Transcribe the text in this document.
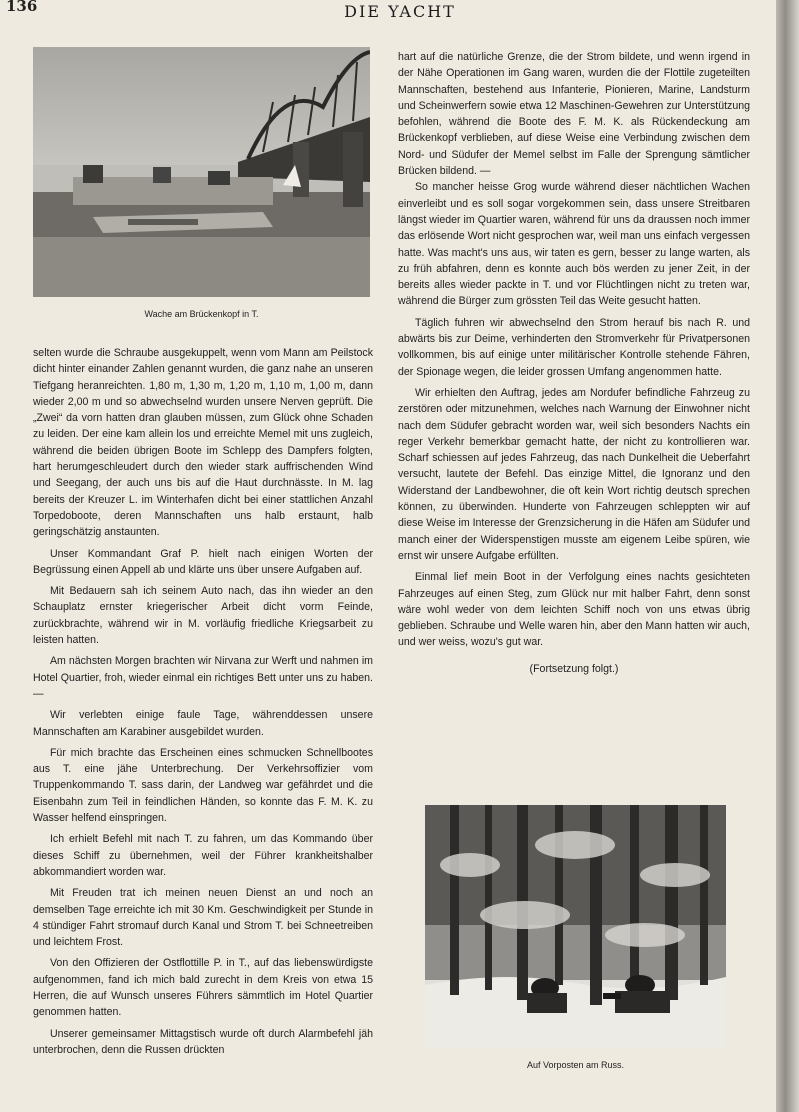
136	DIE YACHT
Wache am Brückenkopf in T.

selten wurde die Schraube ausgekuppelt, wenn vom Mann am Peilstock dicht hinter einander Zahlen genannt wurden, die ganz nahe an unseren Tiefgang heranreichten. 1,80 m, 1,30 m, 1,20 m, 1,10 m, 1,00 m, dann wieder 2,00 m und so abwechselnd wurden unsere Nerven geprüft. Die „Zwei“ da vorn hatten dran glauben müssen, zum Glück ohne Schaden zu leiden. Der eine kam allein los und erreichte Memel mit uns zugleich, während die beiden übrigen Boote im Schlepp des Dampfers folgten, hart herumgeschleudert durch den wieder stark auffrischenden Wind und Seegang, der auch uns bis auf die Haut durchnässte. In M. lag bereits der Kreuzer L. im Winterhafen dicht bei einer stattlichen Anzahl Torpedoboote, deren Mannschaften uns halb erstaunt, halb geringschätzig anstaunten.

Unser Kommandant Graf P. hielt nach einigen Worten der Begrüssung einen Appell ab und klärte uns über unsere Aufgaben auf.

Mit Bedauern sah ich seinem Auto nach, das ihn wieder an den Schauplatz ernster kriegerischer Arbeit dicht vorm Feinde, zurückbrachte, während wir in M. vorläufig friedliche Kriegsarbeit zu leisten hatten.

Am nächsten Morgen brachten wir Nirvana zur Werft und nahmen im Hotel Quartier, froh, wieder einmal ein richtiges Bett unter uns zu haben. —

Wir verlebten einige faule Tage, währenddessen unsere Mannschaften am Karabiner ausgebildet wurden.

Für mich brachte das Erscheinen eines schmucken Schnellbootes aus T. eine jähe Unterbrechung. Der Verkehrsoffizier vom Truppenkommando T. sass darin, der Landweg war gefährdet und die Eisenbahn zum Teil in feindlichen Händen, so konnte das F. M. K. zu Wasser helfend einspringen.

Ich erhielt Befehl mit nach T. zu fahren, um das Kommando über dieses Schiff zu übernehmen, weil der Führer krankheitshalber abkommandiert worden war.

Mit Freuden trat ich meinen neuen Dienst an und noch an demselben Tage erreichte ich mit 30 Km. Geschwindigkeit per Stunde in 4 stündiger Fahrt stromauf durch Kanal und Strom T. bei Schneetreiben und leichtem Frost.

Von den Offizieren der Ostflottille P. in T., auf das liebenswürdigste aufgenommen, fand ich mich bald zurecht in dem Kreis von etwa 15 Herren, die auf Wunsch unseres Führers sämmtlich im Hotel Quartier genommen hatten.

Unserer gemeinsamer Mittagstisch wurde oft durch Alarmbefehl jäh unterbrochen, denn die Russen drückten

hart auf die natürliche Grenze, die der Strom bildete, und wenn irgend in der Nähe Operationen im Gang waren, wurden die der Flottile zugeteilten Mannschaften, bestehend aus Infanterie, Pionieren, Marine, Landsturm und Scheinwerfern sowie etwa 12 Maschinen-Gewehren zur Unterstützung befohlen, während die Boote des F. M. K. als Rückendeckung am Brückenkopf verblieben, auf diese Weise eine Verbindung zwischen dem Nord- und Südufer der Memel selbst im Falle der Sprengung sämtlicher Brücken bildend. —

So mancher heisse Grog wurde während dieser nächtlichen Wachen einverleibt und es soll sogar vorgekommen sein, dass unsere Streitbaren längst wieder im Quartier waren, während für uns da draussen noch immer das erlösende Wort nicht gesprochen war, weil man uns einfach vergessen hatte. Was macht's uns aus, wir taten es gern, besser zu lange warten, als zu früh abfahren, denn es konnte auch bös werden zu jener Zeit, in der bereits alles wieder packte in T. und vor Flüchtlingen nicht zu treten war, während die Bürger zum grössten Teil das Weite gesucht hatten.

Täglich fuhren wir abwechselnd den Strom herauf bis nach R. und abwärts bis zur Deime, verhinderten den Stromverkehr für Privatpersonen vollkommen, bis auf einige unter militärischer Kontrolle stehende Fähren, der Spionage wegen, die leider grossen Umfang angenommen hatte.

Wir erhielten den Auftrag, jedes am Nordufer befindliche Fahrzeug zu zerstören oder mitzunehmen, welches nach Warnung der Einwohner nicht nach dem Südufer gebracht worden war, weil sich besonders Nachts ein reger Verkehr bemerkbar gemacht hatte, der nicht zu kontrollieren war. Scharf schiessen auf jedes Fahrzeug, das nach Dunkelheit die Ueberfahrt versucht, lautete der Befehl. Das einzige Mittel, die Ignoranz und den Widerstand der Landbewohner, die oft kein Wort richtig deutsch sprechen können, zu überwinden. Hunderte von Fahrzeugen schleppten wir auf diese Weise im Interesse der Grenzsicherung in die Häfen am Südufer und manch einer der Widerspenstigen musste am eigenem Leibe spüren, wie ernst wir unsere Aufgabe erfüllten.

Einmal lief mein Boot in der Verfolgung eines nachts gesichteten Fahrzeuges auf einen Steg, zum Glück nur mit halber Fahrt, denn sonst wäre wohl weder von dem leichten Schiff noch von uns etwas übrig geblieben. Schraube und Welle waren hin, aber den Mann hatten wir auch, und wer weiss, wozu's gut war.

(Fortsetzung folgt.)

Auf Vorposten am Russ.
